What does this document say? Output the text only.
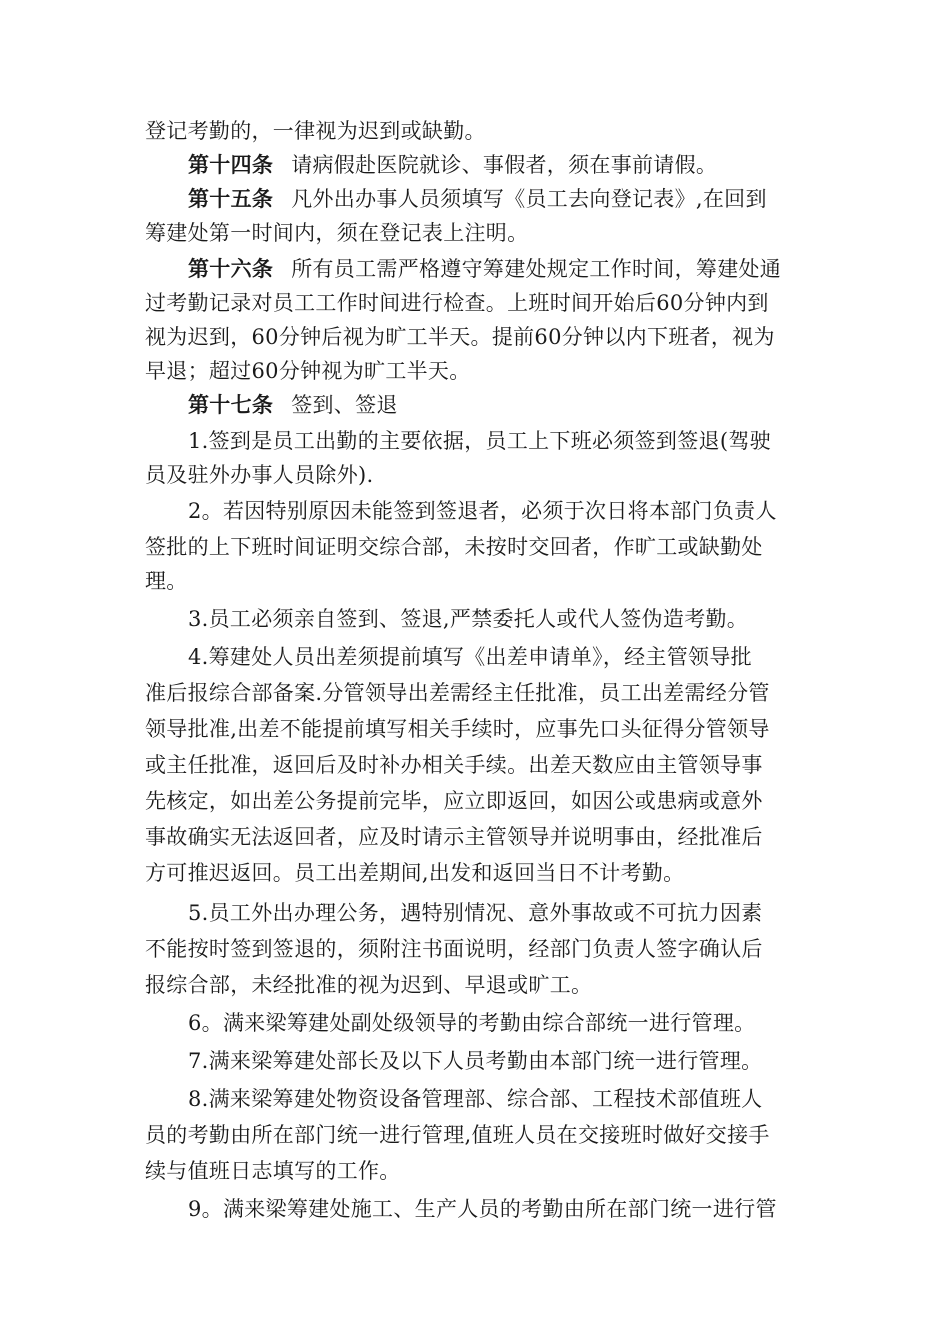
登记考勤的，一律视为迟到或缺勤。
第十四条 请病假赴医院就诊、事假者，须在事前请假。
第十五条 凡外出办事人员须填写《员工去向登记表》,在回到
筹建处第一时间内，须在登记表上注明。
第十六条 所有员工需严格遵守筹建处规定工作时间，筹建处通
过考勤记录对员工工作时间进行检查。上班时间开始后60分钟内到
视为迟到，60分钟后视为旷工半天。提前60分钟以内下班者，视为
早退；超过60分钟视为旷工半天。
第十七条 签到、签退
1.签到是员工出勤的主要依据，员工上下班必须签到签退(驾驶
员及驻外办事人员除外).
2。若因特别原因未能签到签退者，必须于次日将本部门负责人
签批的上下班时间证明交综合部，未按时交回者，作旷工或缺勤处
理。
3.员工必须亲自签到、签退,严禁委托人或代人签伪造考勤。
4.筹建处人员出差须提前填写《出差申请单》，经主管领导批
准后报综合部备案.分管领导出差需经主任批准，员工出差需经分管
领导批准,出差不能提前填写相关手续时，应事先口头征得分管领导
或主任批准，返回后及时补办相关手续。出差天数应由主管领导事
先核定，如出差公务提前完毕，应立即返回，如因公或患病或意外
事故确实无法返回者，应及时请示主管领导并说明事由，经批准后
方可推迟返回。员工出差期间,出发和返回当日不计考勤。
5.员工外出办理公务，遇特别情况、意外事故或不可抗力因素
不能按时签到签退的，须附注书面说明，经部门负责人签字确认后
报综合部，未经批准的视为迟到、早退或旷工。
6。满来梁筹建处副处级领导的考勤由综合部统一进行管理。
7.满来梁筹建处部长及以下人员考勤由本部门统一进行管理。
8.满来梁筹建处物资设备管理部、综合部、工程技术部值班人
员的考勤由所在部门统一进行管理,值班人员在交接班时做好交接手
续与值班日志填写的工作。
9。满来梁筹建处施工、生产人员的考勤由所在部门统一进行管
